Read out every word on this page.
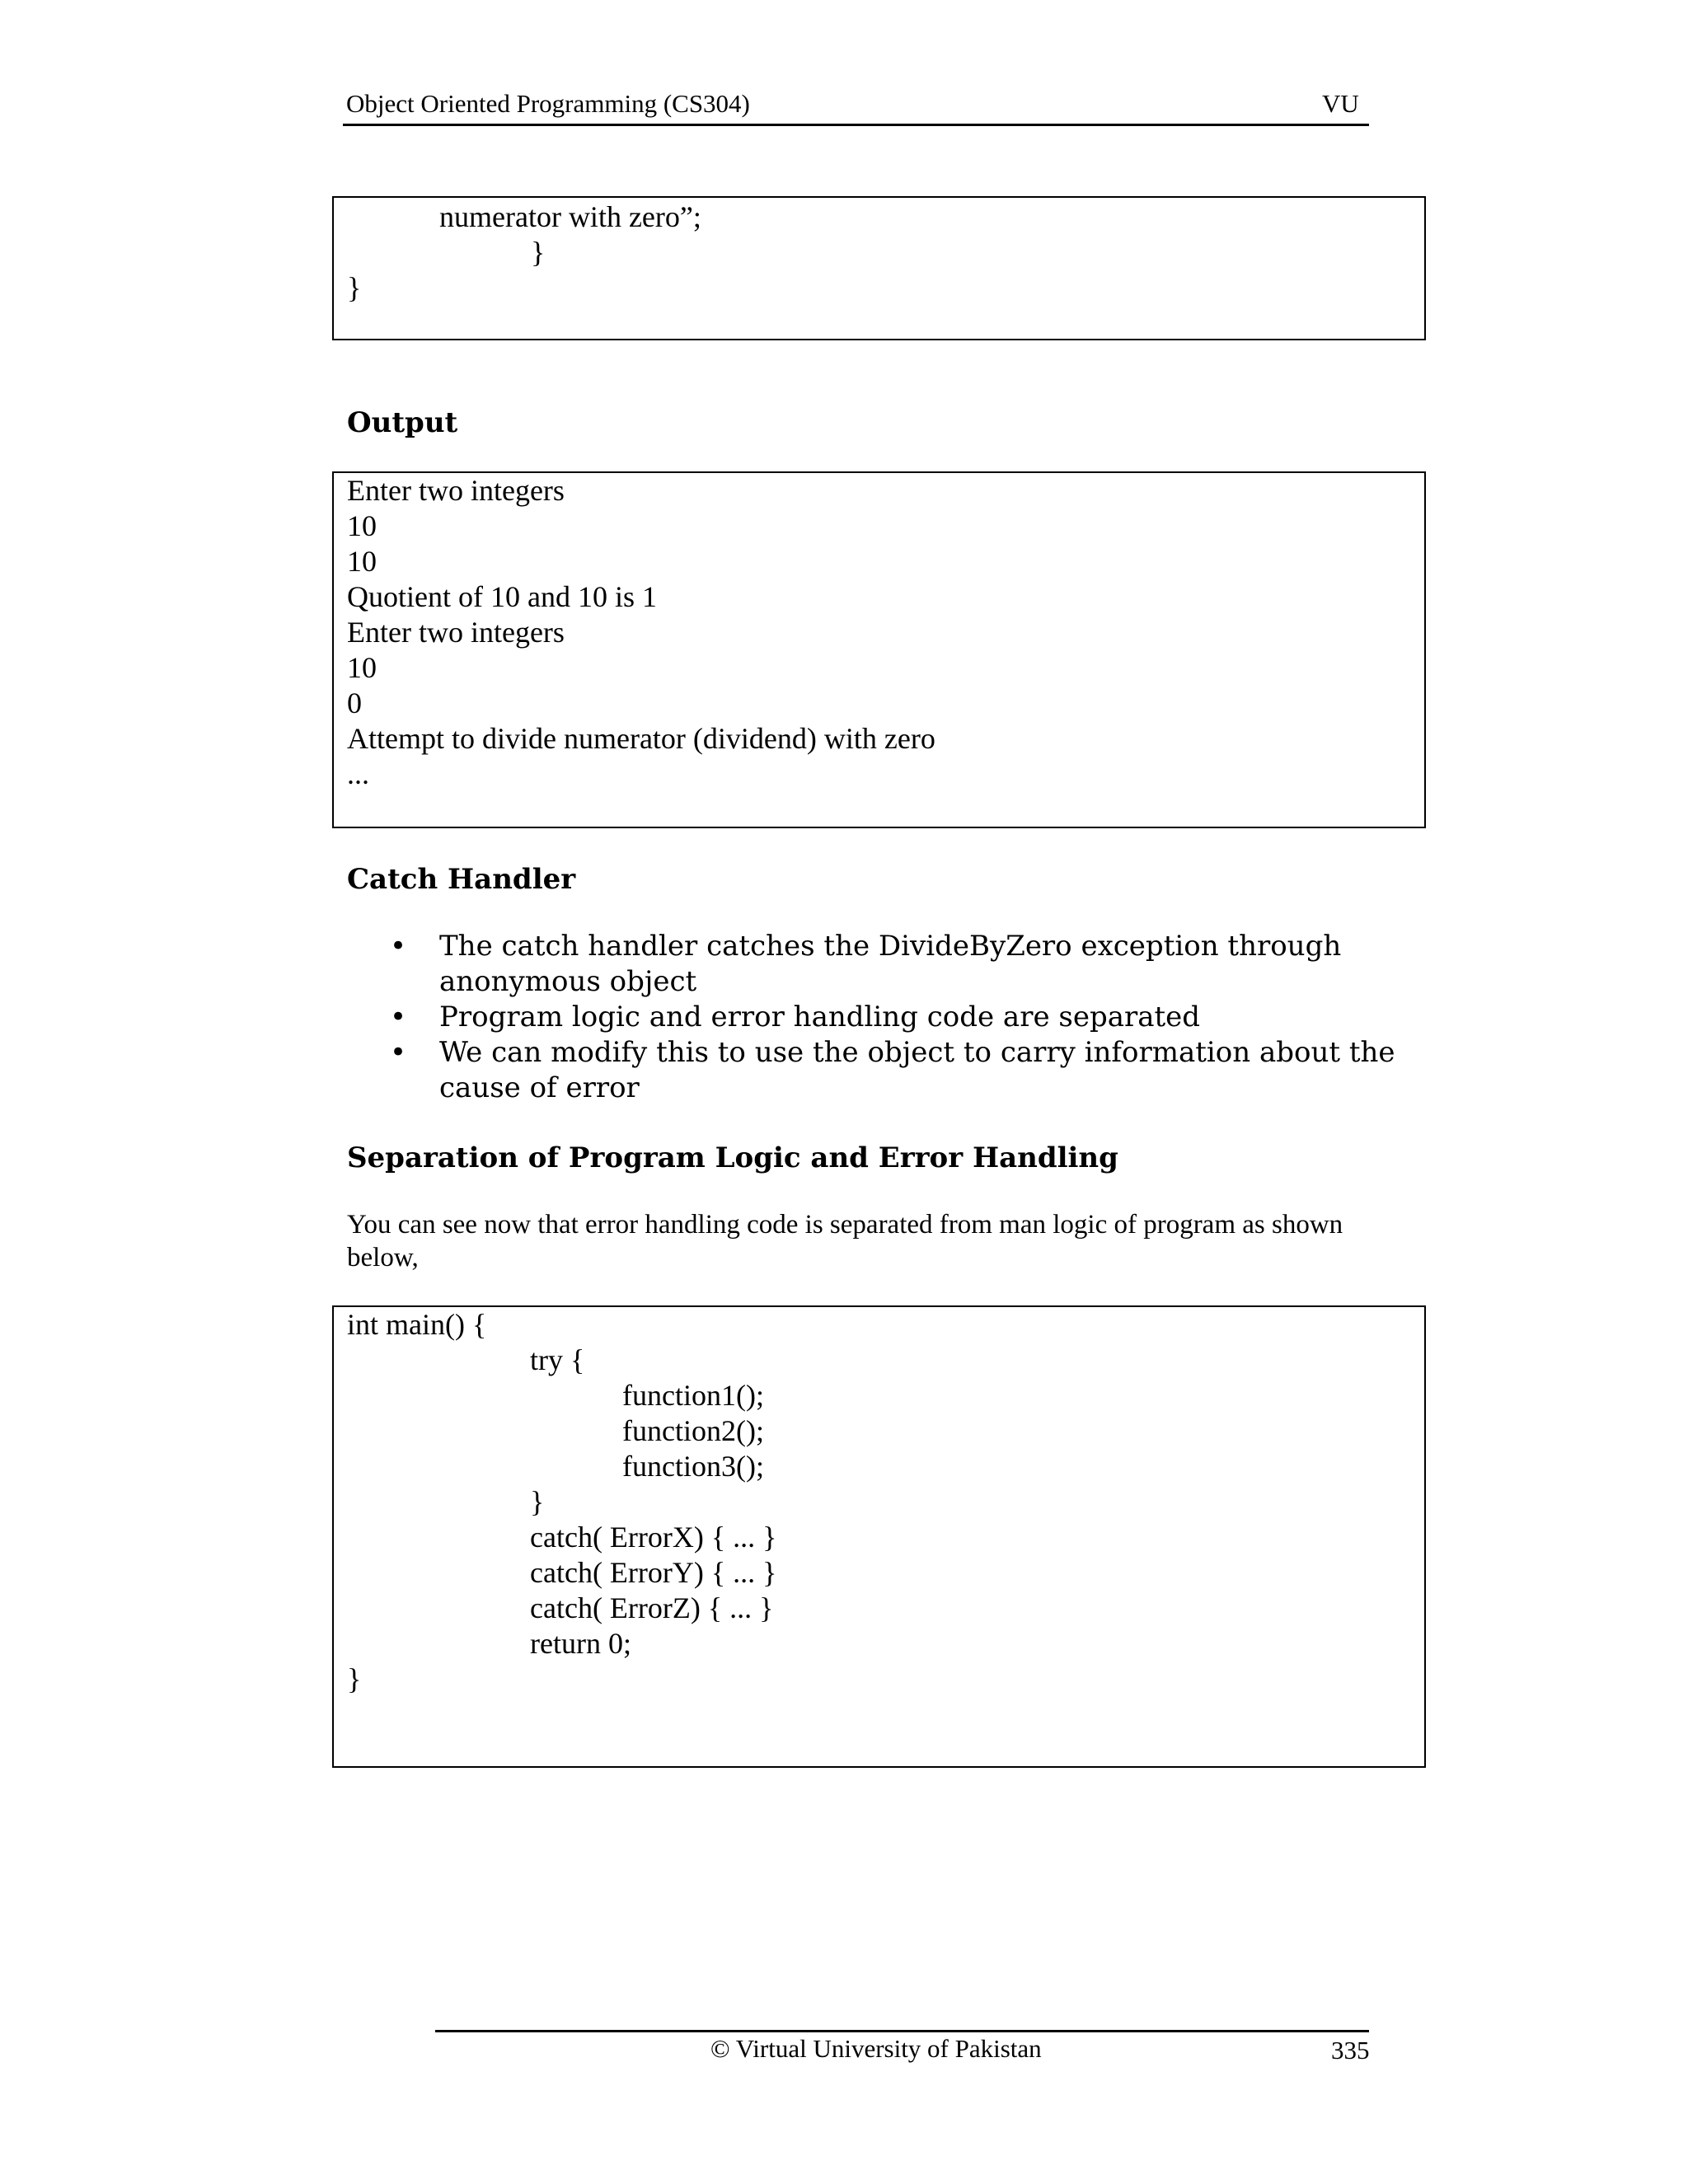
Object Oriented Programming (CS304)	VU
numerator with zero”;
}
}
Output
Enter two integers
10
10
Quotient of 10 and 10 is 1
Enter two integers
10
0
Attempt to divide numerator (dividend) with zero
...
Catch Handler
• The catch handler catches the DivideByZero exception through anonymous object
• Program logic and error handling code are separated
• We can modify this to use the object to carry information about the cause of error
Separation of Program Logic and Error Handling
You can see now that error handling code is separated from man logic of program as shown below,
int main() {
try {
function1();
function2();
function3();
}
catch( ErrorX) { ... }
catch( ErrorY) { ... }
catch( ErrorZ) { ... }
return 0;
}
© Virtual University of Pakistan	335
